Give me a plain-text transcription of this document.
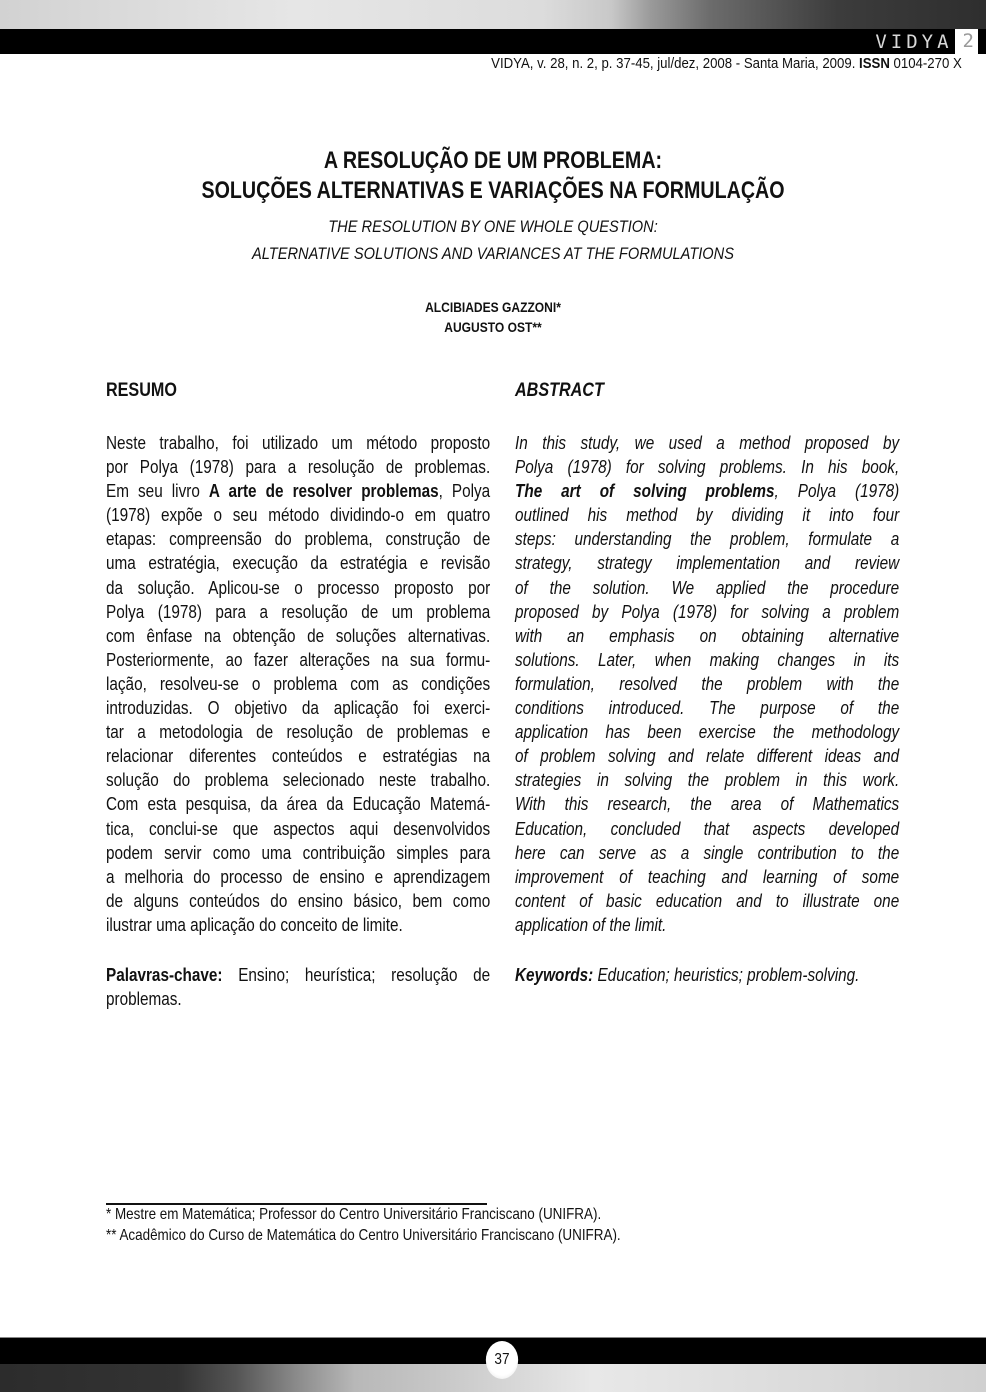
VIDYA 2
VIDYA, v. 28, n. 2, p. 37-45, jul/dez, 2008 - Santa Maria, 2009. ISSN 0104-270 X
A RESOLUÇÃO DE UM PROBLEMA:
SOLUÇÕES ALTERNATIVAS E VARIAÇÕES NA FORMULAÇÃO
THE RESOLUTION BY ONE WHOLE QUESTION:
ALTERNATIVE SOLUTIONS AND VARIANCES AT THE FORMULATIONS
ALCIBIADES GAZZONI*
AUGUSTO OST**
RESUMO
Neste trabalho, foi utilizado um método proposto
por Polya (1978) para a resolução de problemas.
Em seu livro A arte de resolver problemas, Polya
(1978) expõe o seu método dividindo-o em quatro
etapas: compreensão do problema, construção de
uma estratégia, execução da estratégia e revisão
da solução. Aplicou-se o processo proposto por
Polya (1978) para a resolução de um problema
com ênfase na obtenção de soluções alternativas.
Posteriormente, ao fazer alterações na sua formu-
lação, resolveu-se o problema com as condições
introduzidas. O objetivo da aplicação foi exerci-
tar a metodologia de resolução de problemas e
relacionar diferentes conteúdos e estratégias na
solução do problema selecionado neste trabalho.
Com esta pesquisa, da área da Educação Matemá-
tica, conclui-se que aspectos aqui desenvolvidos
podem servir como uma contribuição simples para
a melhoria do processo de ensino e aprendizagem
de alguns conteúdos do ensino básico, bem como
ilustrar uma aplicação do conceito de limite.
Palavras-chave: Ensino; heurística; resolução de
problemas.
ABSTRACT
In this study, we used a method proposed by
Polya (1978) for solving problems. In his book,
The art of solving problems, Polya (1978)
outlined his method by dividing it into four
steps: understanding the problem, formulate a
strategy, strategy implementation and review
of the solution. We applied the procedure
proposed by Polya (1978) for solving a problem
with an emphasis on obtaining alternative
solutions. Later, when making changes in its
formulation, resolved the problem with the
conditions introduced. The purpose of the
application has been exercise the methodology
of problem solving and relate different ideas and
strategies in solving the problem in this work.
With this research, the area of Mathematics
Education, concluded that aspects developed
here can serve as a single contribution to the
improvement of teaching and learning of some
content of basic education and to illustrate one
application of the limit.
Keywords: Education; heuristics; problem-solving.
* Mestre em Matemática; Professor do Centro Universitário Franciscano (UNIFRA).
** Acadêmico do Curso de Matemática do Centro Universitário Franciscano (UNIFRA).
37
